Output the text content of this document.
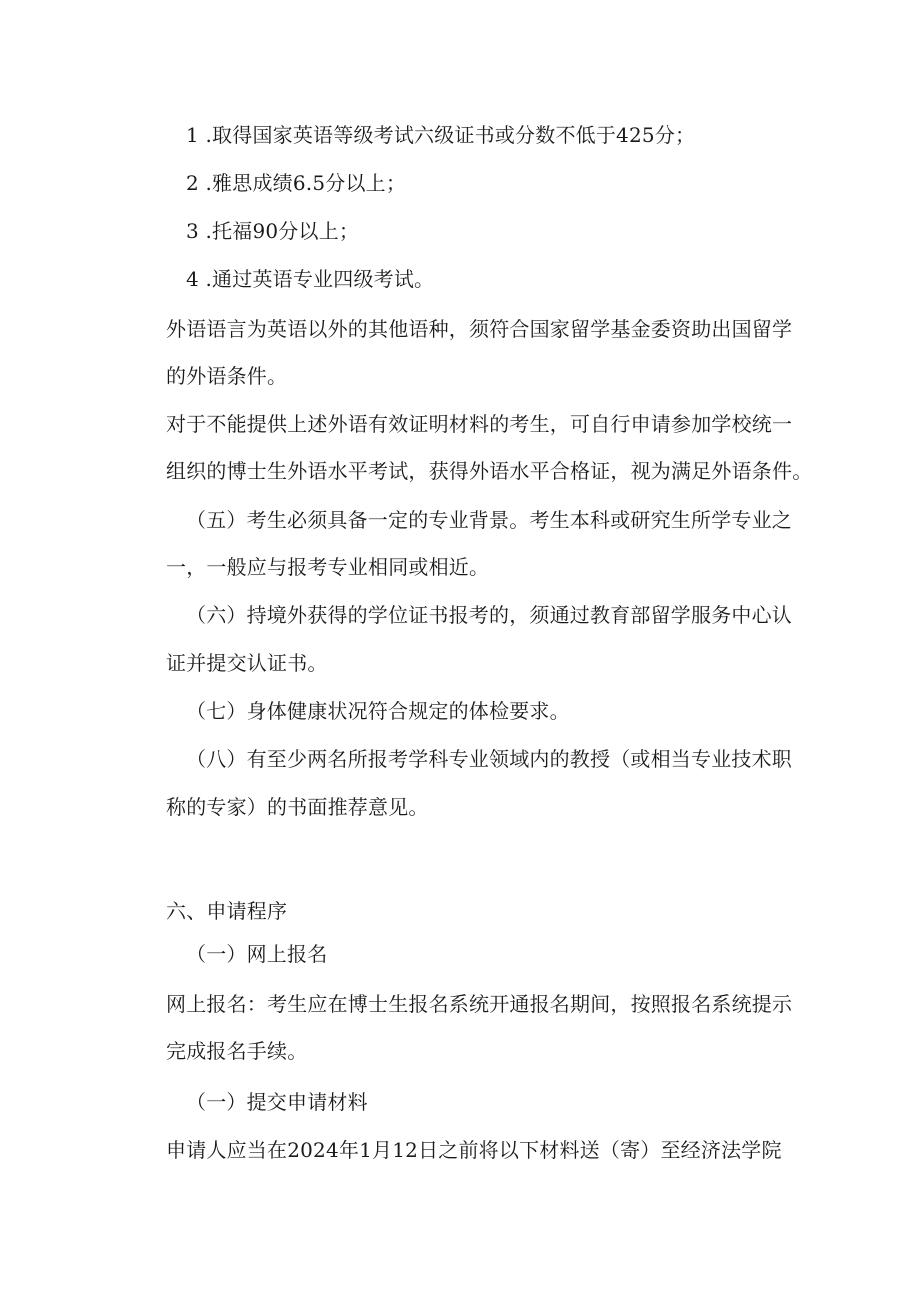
1 .取得国家英语等级考试六级证书或分数不低于425分；
2 .雅思成绩6.5分以上；
3 .托福90分以上；
4 .通过英语专业四级考试。
外语语言为英语以外的其他语种，须符合国家留学基金委资助出国留学
的外语条件。
对于不能提供上述外语有效证明材料的考生，可自行申请参加学校统一
组织的博士生外语水平考试，获得外语水平合格证，视为满足外语条件。
（五）考生必须具备一定的专业背景。考生本科或研究生所学专业之
一，一般应与报考专业相同或相近。
（六）持境外获得的学位证书报考的，须通过教育部留学服务中心认
证并提交认证书。
（七）身体健康状况符合规定的体检要求。
（八）有至少两名所报考学科专业领域内的教授（或相当专业技术职
称的专家）的书面推荐意见。
六、申请程序
（一）网上报名
网上报名：考生应在博士生报名系统开通报名期间，按照报名系统提示
完成报名手续。
（一）提交申请材料
申请人应当在2024年1月12日之前将以下材料送（寄）至经济法学院
